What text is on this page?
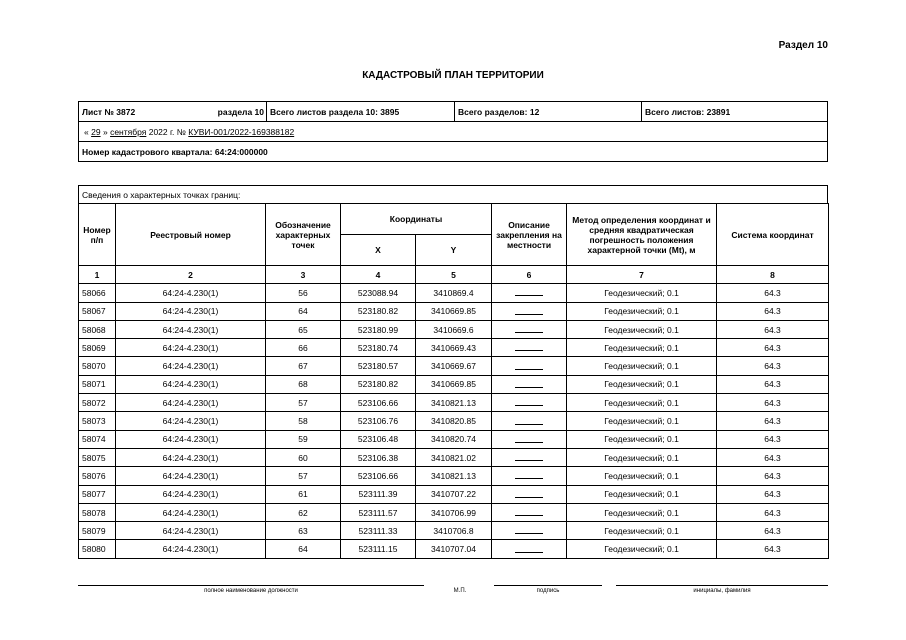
Раздел 10
КАДАСТРОВЫЙ ПЛАН ТЕРРИТОРИИ
Лист № 3872	раздела 10 Всего листов раздела 10: 3895	Всего разделов: 12	Всего листов: 23891
«
29
»
сентября
2022 г.
№
КУВИ-001/2022-169388182
Номер кадастрового квартала: 64:24:000000
Сведения о характерных точках границ:
Номер п/п	Реестровый номер	Обозначение характерных точек	Координаты		Описание закрепления на местности	Метод определения координат и средняя квадратическая погрешность положения характерной точки (Mt), м	Система координат
			X	Y			
1	2	3	4	5	6	7	8
58066	64:24-4.230(1)	56	523088.94	3410869.4		Геодезический; 0.1	64.3
58067	64:24-4.230(1)	64	523180.82	3410669.85		Геодезический; 0.1	64.3
58068	64:24-4.230(1)	65	523180.99	3410669.6		Геодезический; 0.1	64.3
58069	64:24-4.230(1)	66	523180.74	3410669.43		Геодезический; 0.1	64.3
58070	64:24-4.230(1)	67	523180.57	3410669.67		Геодезический; 0.1	64.3
58071	64:24-4.230(1)	68	523180.82	3410669.85		Геодезический; 0.1	64.3
58072	64:24-4.230(1)	57	523106.66	3410821.13		Геодезический; 0.1	64.3
58073	64:24-4.230(1)	58	523106.76	3410820.85		Геодезический; 0.1	64.3
58074	64:24-4.230(1)	59	523106.48	3410820.74		Геодезический; 0.1	64.3
58075	64:24-4.230(1)	60	523106.38	3410821.02		Геодезический; 0.1	64.3
58076	64:24-4.230(1)	57	523106.66	3410821.13		Геодезический; 0.1	64.3
58077	64:24-4.230(1)	61	523111.39	3410707.22		Геодезический; 0.1	64.3
58078	64:24-4.230(1)	62	523111.57	3410706.99		Геодезический; 0.1	64.3
58079	64:24-4.230(1)	63	523111.33	3410706.8		Геодезический; 0.1	64.3
58080	64:24-4.230(1)	64	523111.15	3410707.04		Геодезический; 0.1	64.3
полное наименование должности	М.П.	подпись	инициалы, фамилия
